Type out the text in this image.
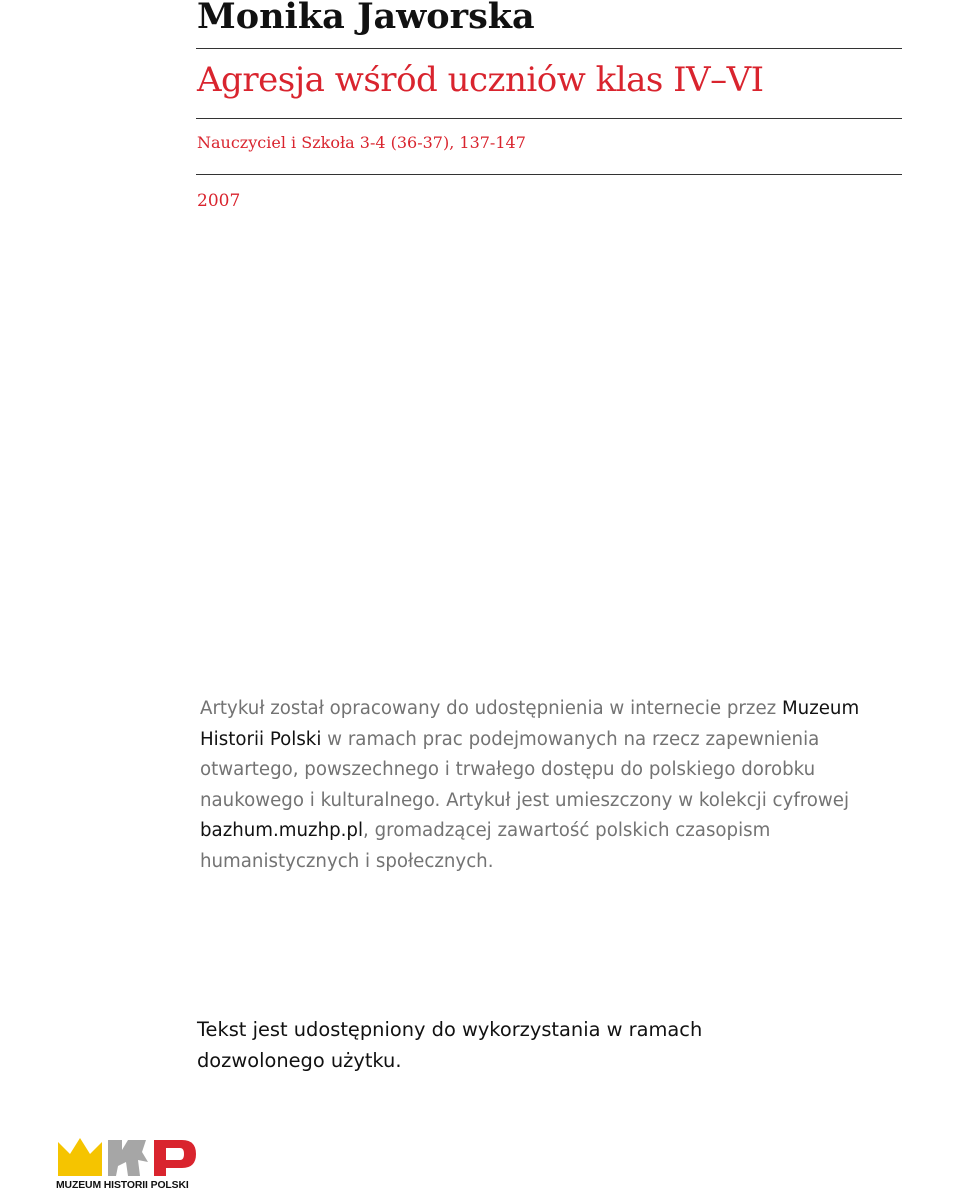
Monika Jaworska
Agresja wśród uczniów klas IV–VI
Nauczyciel i Szkoła 3-4 (36-37), 137-147
2007
Artykuł został opracowany do udostępnienia w internecie przez Muzeum Historii Polski w ramach prac podejmowanych na rzecz zapewnienia otwartego, powszechnego i trwałego dostępu do polskiego dorobku naukowego i kulturalnego. Artykuł jest umieszczony w kolekcji cyfrowej bazhum.muzhp.pl, gromadzącej zawartość polskich czasopism humanistycznych i społecznych.
Tekst jest udostępniony do wykorzystania w ramach dozwolonego użytku.
MUZEUM HISTORII POLSKI
